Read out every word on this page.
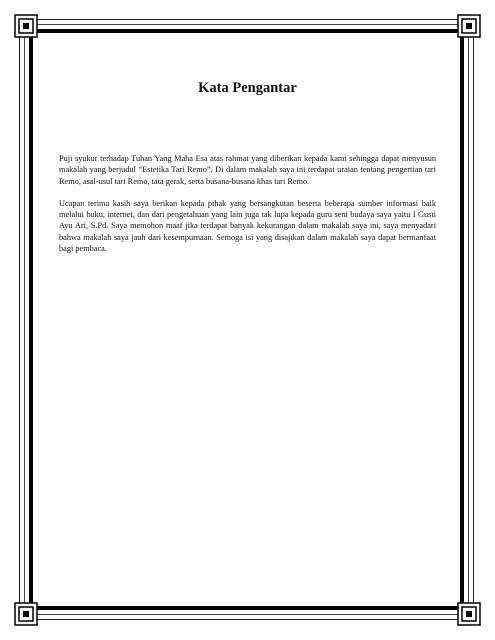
Kata Pengantar

Puji syukur terhadap Tuhan Yang Maha Esa atas rahmat yang diberikan kepada kami sehingga dapat menyusun makalah yang berjudul “Estetika Tari Remo”. Di dalam makalah saya ini terdapat uraian tentang pengertian tari Remo, asal-usul tari Remo, tata gerak, serta busana-busana khas tari Remo.

Ucapan terima kasih saya berikan kepada pihak yang bersangkutan beserta beberapa sumber informasi baik melalui buku, internet, dan dari pengetahuan yang lain juga tak lupa kepada guru seni budaya saya yaitu I Gusti Ayu Ari, S.Pd. Saya memohon maaf jika terdapat banyak kekurangan dalam makalah saya ini, saya menyadari bahwa makalah saya jauh dari kesempurnaan. Semoga isi yang disajikan dalam makalah saya dapat bermanfaat bagi pembaca.
